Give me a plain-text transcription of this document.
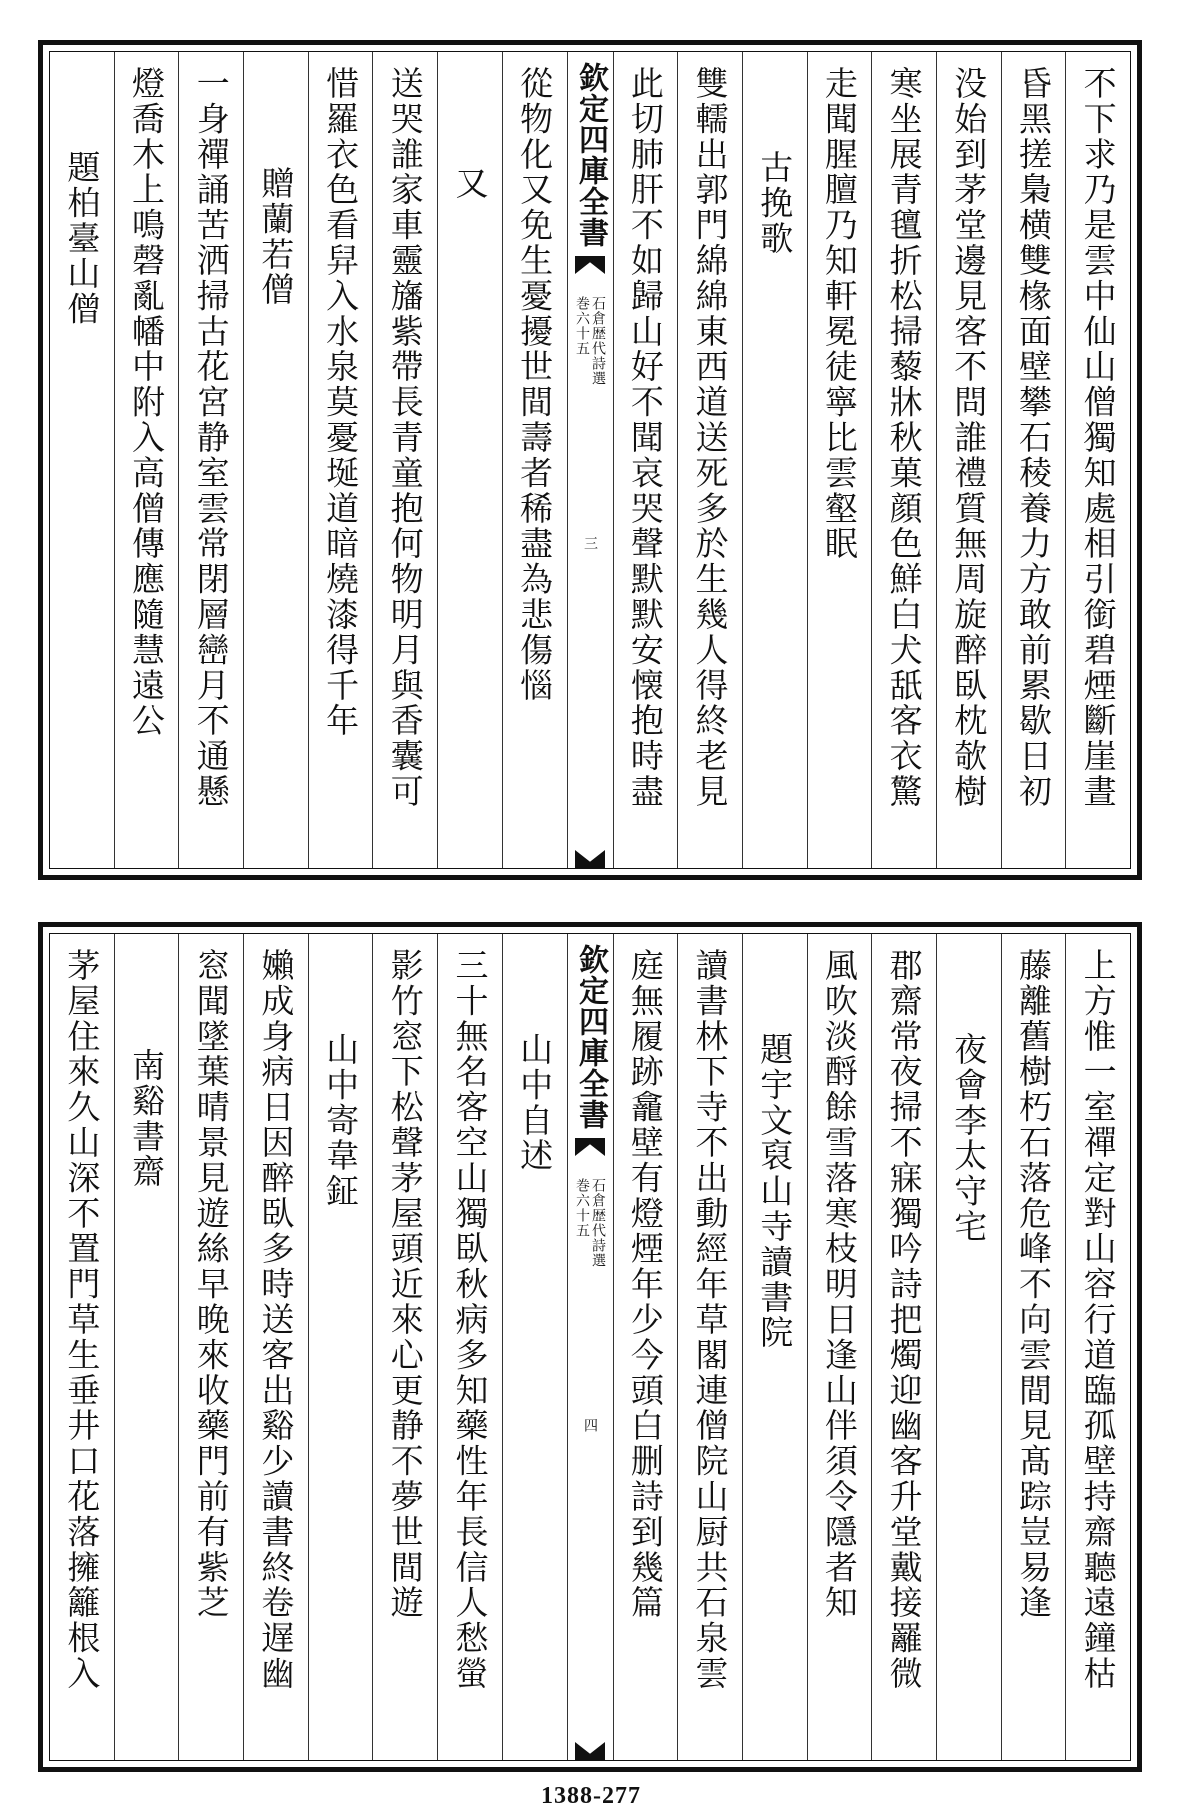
不下求乃是雲中仙山僧獨知處相引銜碧煙斷崖晝
昏黑搓梟横雙椽面壁攀石稜養力方敢前累歇日初
没始到茅堂邊見客不問誰禮質無周旋醉臥枕欹樹
寒坐展青氊折松掃藜牀秋菓顔色鮮白犬舐客衣驚
走聞腥膻乃知軒冕徒寧比雲壑眠
古挽歌
雙轜出郭門綿綿東西道送死多於生幾人得終老見
此切肺肝不如歸山好不聞哀哭聲默默安懐抱時盡
欽定四庫全書
石倉歴代詩選
巻六十五
三
從物化又免生憂擾世間壽者稀盡為悲傷惱
又
送哭誰家車靈旛紫帶長青童抱何物明月與香囊可
惜羅衣色看舁入水泉莫憂埏道暗燒漆得千年
贈蘭若僧
一身禪誦苦洒掃古花宮静室雲常閉層巒月不通懸
燈喬木上鳴磬亂幡中附入高僧傳應隨慧遠公
題柏臺山僧
上方惟一室禪定對山容行道臨孤壁持齋聽遠鐘枯
藤離舊樹朽石落危峰不向雲間見髙踪豈易逢
夜會李太守宅
郡齋常夜掃不寐獨吟詩把燭迎幽客升堂戴接䍦微
風吹淡酹餘雪落寒枝明日逢山伴須令隱者知
題宇文裒山寺讀書院
讀書林下寺不出動經年草閣連僧院山厨共石泉雲
庭無履跡龕壁有燈煙年少今頭白删詩到幾篇
欽定四庫全書
石倉歴代詩選
巻六十五
四
山中自述
三十無名客空山獨臥秋病多知藥性年長信人愁螢
影竹窓下松聲茅屋頭近來心更静不夢世間遊
山中寄韋鉦
嬾成身病日因醉臥多時送客出谿少讀書終卷遅幽
窓聞墜葉晴景見遊絲早晚來收藥門前有紫芝
南谿書齋
茅屋住來久山深不置門草生垂井口花落擁籬根入
1388-277
